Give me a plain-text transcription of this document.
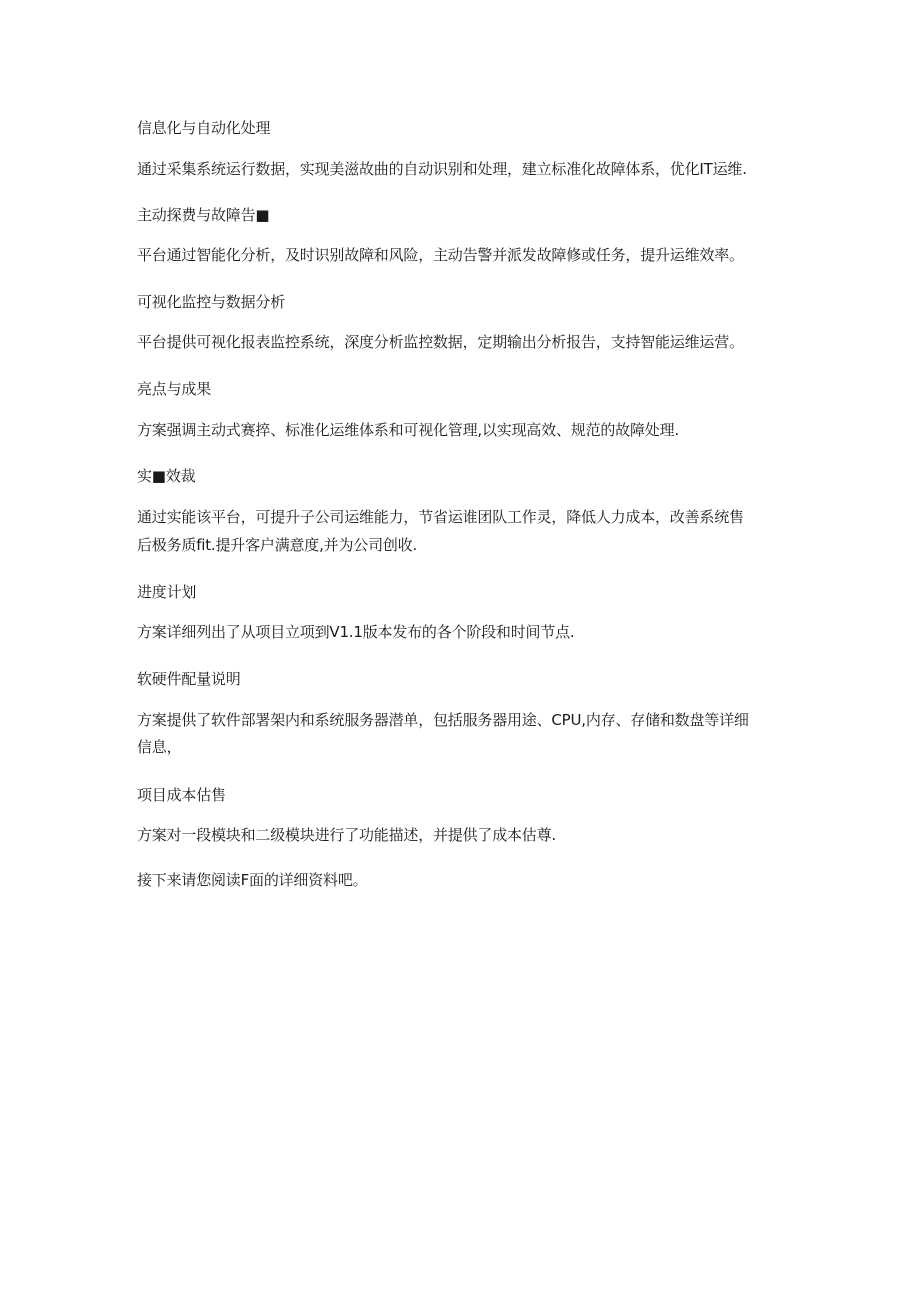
信息化与自动化处理
通过采集系统运行数据，实现美滋故曲的自动识别和处理，建立标准化故障体系，优化IT运维.
主动探费与故障告■
平台通过智能化分析，及时识别故障和风险，主动告警并派发故障修或任务，提升运维效率。
可视化监控与数据分析
平台提供可视化报表监控系统，深度分析监控数据，定期输出分析报告，支持智能运维运营。
亮点与成果
方案强调主动式赛捽、标准化运维体系和可视化管理,以实现高效、规范的故障处理.
实■效裁
通过实能该平台，可提升子公司运维能力，节省运谁团队工作灵，降低人力成本，改善系统售
后极务质fit.提升客户满意度,并为公司创收.
进度计划
方案详细列出了从项目立项到V1.1版本发布的各个阶段和时间节点.
软硬件配量说明
方案提供了软件部署架内和系统服务器潜单，包括服务器用途、CPU,内存、存储和数盘等详细
信息，
项目成本估售
方案对一段模块和二级模块进行了功能描述，并提供了成本估尊.
接下来请您阅读F面的详细资料吧。
